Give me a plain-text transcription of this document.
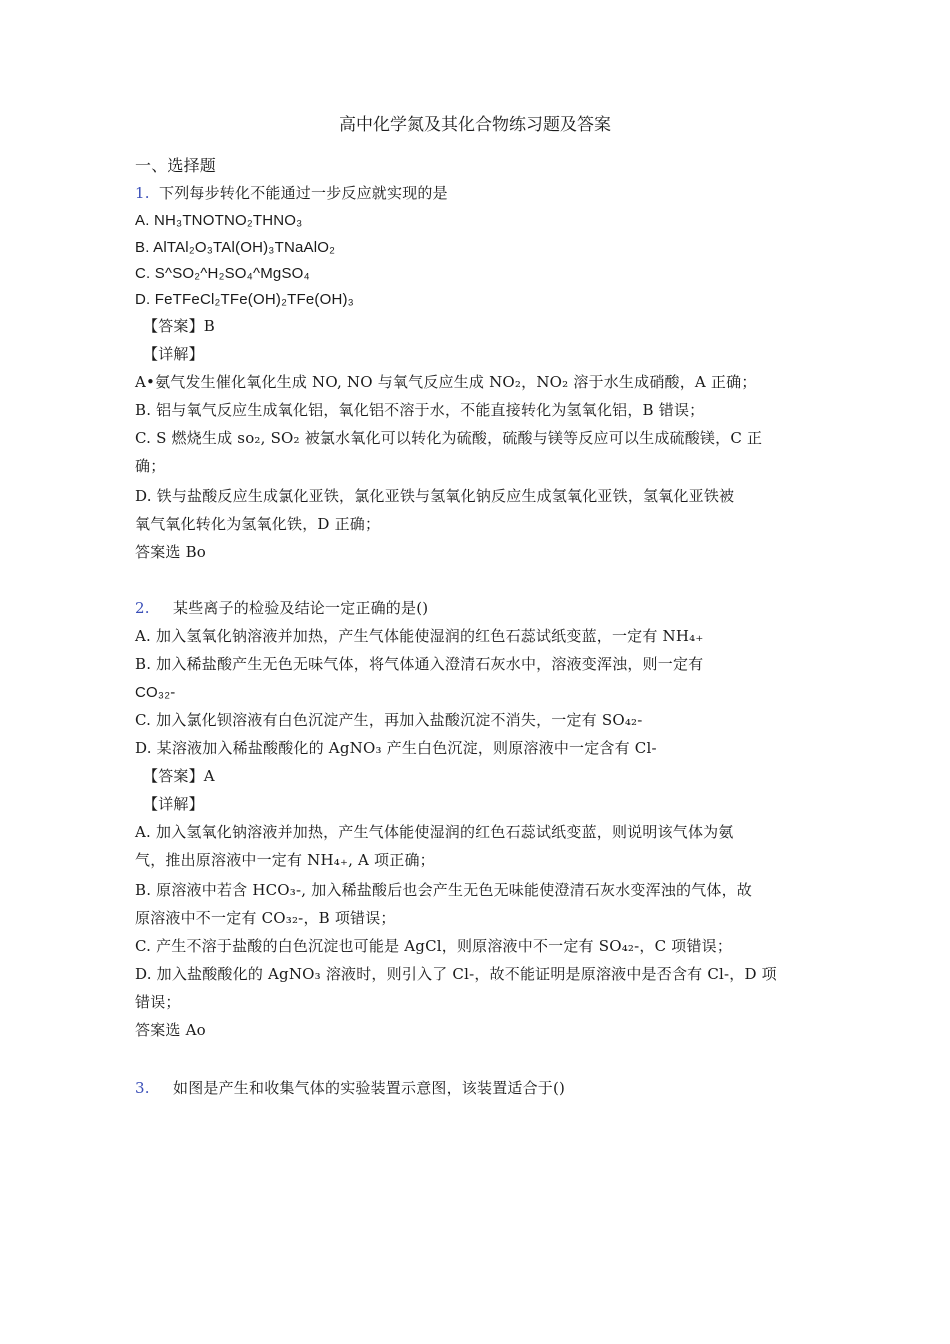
高中化学氮及其化合物练习题及答案
一、选择题
1. 下列每步转化不能通过一步反应就实现的是
A. NH₃TNOTNO₂THNO₃
B. AlTAl₂O₃TAl(OH)₃TNaAlO₂
C. S^SO₂^H₂SO₄^MgSO₄
D. FeTFeCl₂TFe(OH)₂TFe(OH)₃
【答案】B
【详解】
A•氨气发生催化氧化生成 NO, NO 与氧气反应生成 NO₂，NO₂ 溶于水生成硝酸，A 正确；
B. 铝与氧气反应生成氧化铝，氧化铝不溶于水，不能直接转化为氢氧化铝，B 错误；
C. S 燃烧生成 so₂, SO₂ 被氯水氧化可以转化为硫酸，硫酸与镁等反应可以生成硫酸镁，C 正
确；
D. 铁与盐酸反应生成氯化亚铁，氯化亚铁与氢氧化钠反应生成氢氧化亚铁，氢氧化亚铁被
氧气氧化转化为氢氧化铁，D 正确；
答案选 Bo
2. 某些离子的检验及结论一定正确的是()
A. 加入氢氧化钠溶液并加热，产生气体能使湿润的红色石蕊试纸变蓝，一定有 NH₄₊
B. 加入稀盐酸产生无色无味气体，将气体通入澄清石灰水中，溶液变浑浊，则一定有
CO₃₂-
C. 加入氯化钡溶液有白色沉淀产生，再加入盐酸沉淀不消失，一定有 SO₄₂-
D. 某溶液加入稀盐酸酸化的 AgNO₃ 产生白色沉淀，则原溶液中一定含有 Cl-
【答案】A
【详解】
A. 加入氢氧化钠溶液并加热，产生气体能使湿润的红色石蕊试纸变蓝，则说明该气体为氨
气，推出原溶液中一定有 NH₄₊, A 项正确；
B. 原溶液中若含 HCO₃-, 加入稀盐酸后也会产生无色无味能使澄清石灰水变浑浊的气体，故
原溶液中不一定有 CO₃₂-，B 项错误；
C. 产生不溶于盐酸的白色沉淀也可能是 AgCl，则原溶液中不一定有 SO₄₂-，C 项错误；
D. 加入盐酸酸化的 AgNO₃ 溶液时，则引入了 Cl-，故不能证明是原溶液中是否含有 Cl-，D 项
错误；
答案选 Ao
3. 如图是产生和收集气体的实验装置示意图，该装置适合于()
